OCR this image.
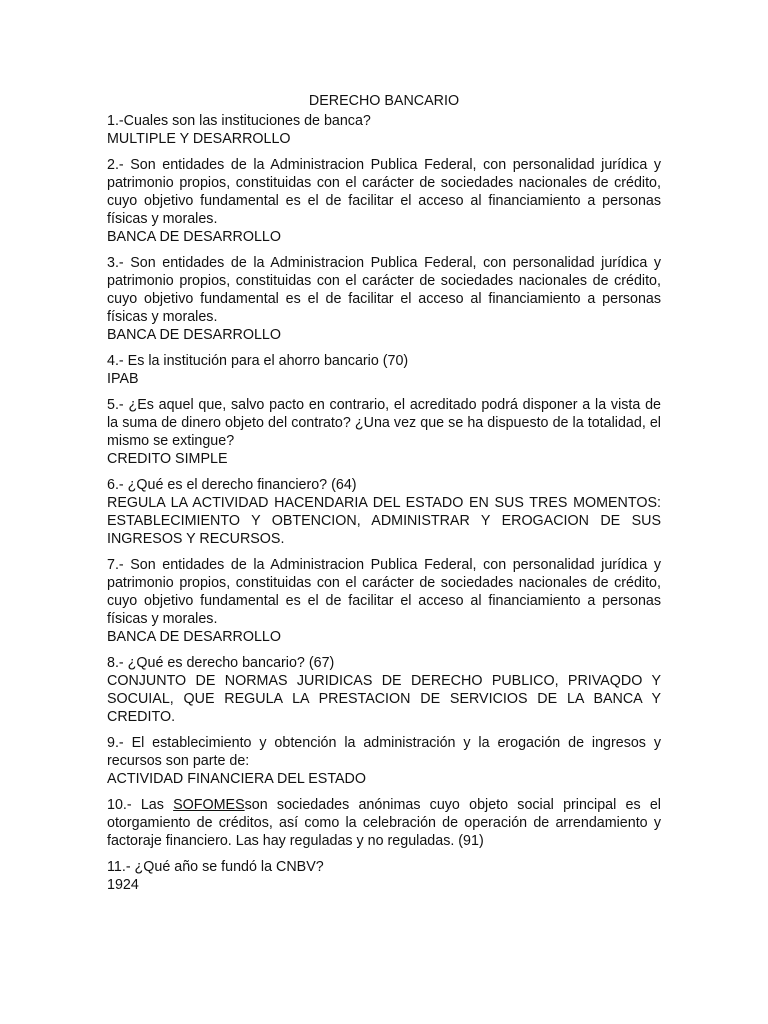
DERECHO BANCARIO
1.-Cuales son las instituciones de banca?
MULTIPLE Y DESARROLLO
2.- Son entidades de la Administracion Publica Federal, con personalidad jurídica y patrimonio propios, constituidas con el carácter de sociedades nacionales de crédito, cuyo objetivo fundamental es el de facilitar el acceso al financiamiento a personas físicas y morales.
BANCA DE DESARROLLO
3.- Son entidades de la Administracion Publica Federal, con personalidad jurídica y patrimonio propios, constituidas con el carácter de sociedades nacionales de crédito, cuyo objetivo fundamental es el de facilitar el acceso al financiamiento a personas físicas y morales.
BANCA DE DESARROLLO
4.- Es la institución para el ahorro bancario (70)
IPAB
5.- ¿Es aquel que, salvo pacto en contrario, el acreditado podrá disponer a la vista de la suma de dinero objeto del contrato? ¿Una vez que se ha dispuesto de la totalidad, el mismo se extingue?
CREDITO SIMPLE
6.- ¿Qué es el derecho financiero? (64)
REGULA LA ACTIVIDAD HACENDARIA DEL ESTADO EN SUS TRES MOMENTOS: ESTABLECIMIENTO Y OBTENCION, ADMINISTRAR Y EROGACION DE SUS INGRESOS Y RECURSOS.
7.- Son entidades de la Administracion Publica Federal, con personalidad jurídica y patrimonio propios, constituidas con el carácter de sociedades nacionales de crédito, cuyo objetivo fundamental es el de facilitar el acceso al financiamiento a personas físicas y morales.
BANCA DE DESARROLLO
8.- ¿Qué es derecho bancario? (67)
CONJUNTO DE NORMAS JURIDICAS DE DERECHO PUBLICO, PRIVAQDO Y SOCUIAL, QUE REGULA LA PRESTACION DE SERVICIOS DE LA BANCA Y CREDITO.
9.- El establecimiento y obtención la administración y la erogación de ingresos y recursos son parte de:
ACTIVIDAD FINANCIERA DEL ESTADO
10.- Las SOFOMESson sociedades anónimas cuyo objeto social principal es el otorgamiento de créditos, así como la celebración de operación de arrendamiento y factoraje financiero. Las hay reguladas y no reguladas. (91)
11.- ¿Qué año se fundó la CNBV?
1924
